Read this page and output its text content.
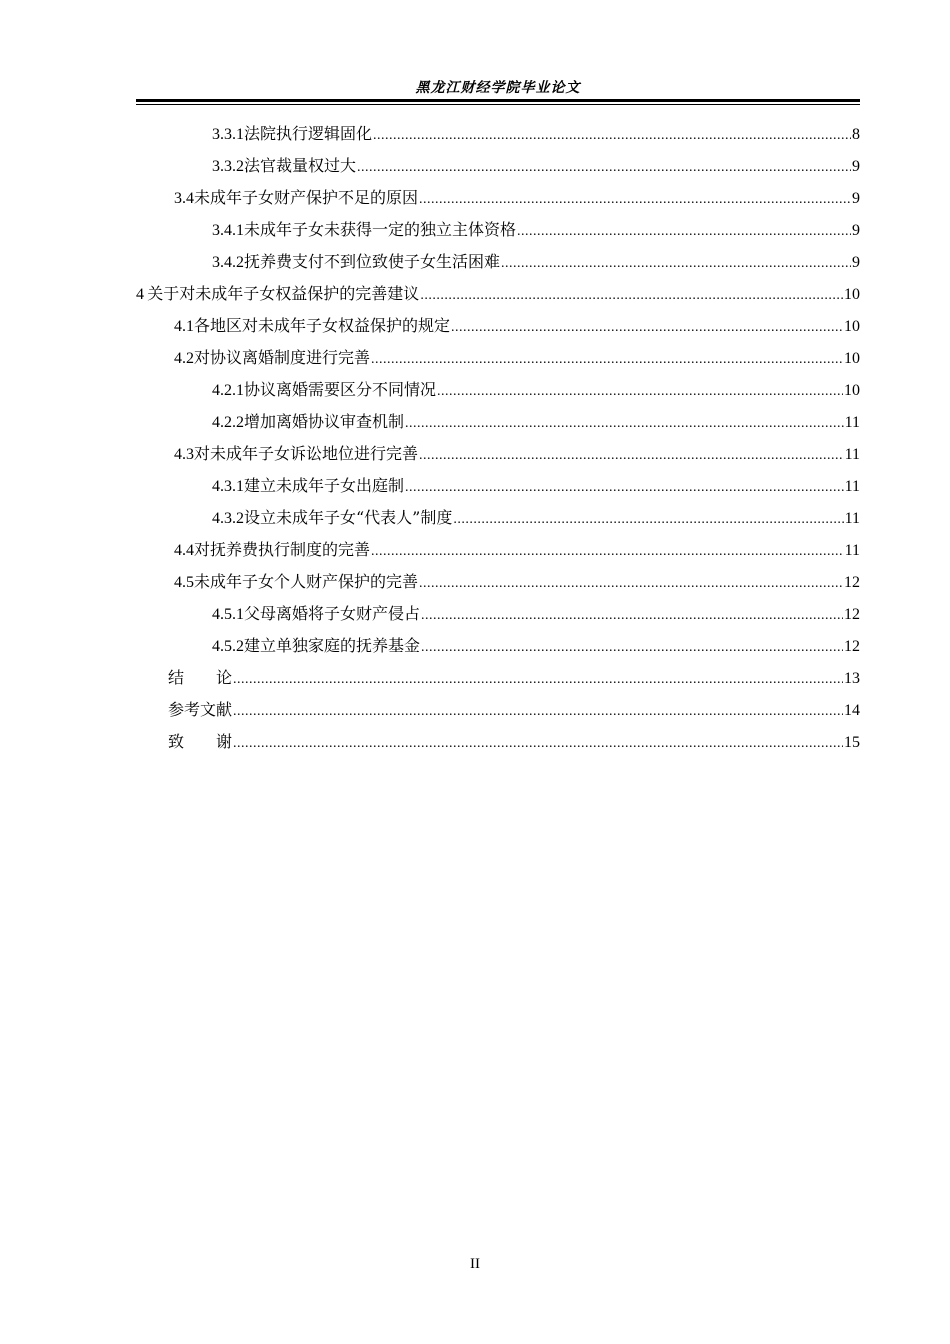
黑龙江财经学院毕业论文
3.3.1 法院执行逻辑固化 .....	8
3.3.2 法官裁量权过大 .....	9
3.4 未成年子女财产保护不足的原因 .....	9
3.4.1 未成年子女未获得一定的独立主体资格 .....	9
3.4.2 抚养费支付不到位致使子女生活困难 .....	9
4 关于对未成年子女权益保护的完善建议 .....	10
4.1 各地区对未成年子女权益保护的规定 .....	10
4.2 对协议离婚制度进行完善 .....	10
4.2.1 协议离婚需要区分不同情况 .....	10
4.2.2 增加离婚协议审查机制 .....	11
4.3 对未成年子女诉讼地位进行完善 .....	11
4.3.1 建立未成年子女出庭制 .....	11
4.3.2 设立未成年子女“代表人”制度 .....	11
4.4 对抚养费执行制度的完善 .....	11
4.5 未成年子女个人财产保护的完善 .....	12
4.5.1 父母离婚将子女财产侵占 .....	12
4.5.2 建立单独家庭的抚养基金 .....	12
结　　论 .....	13
参考文献 .....	14
致　　谢 .....	15
II
